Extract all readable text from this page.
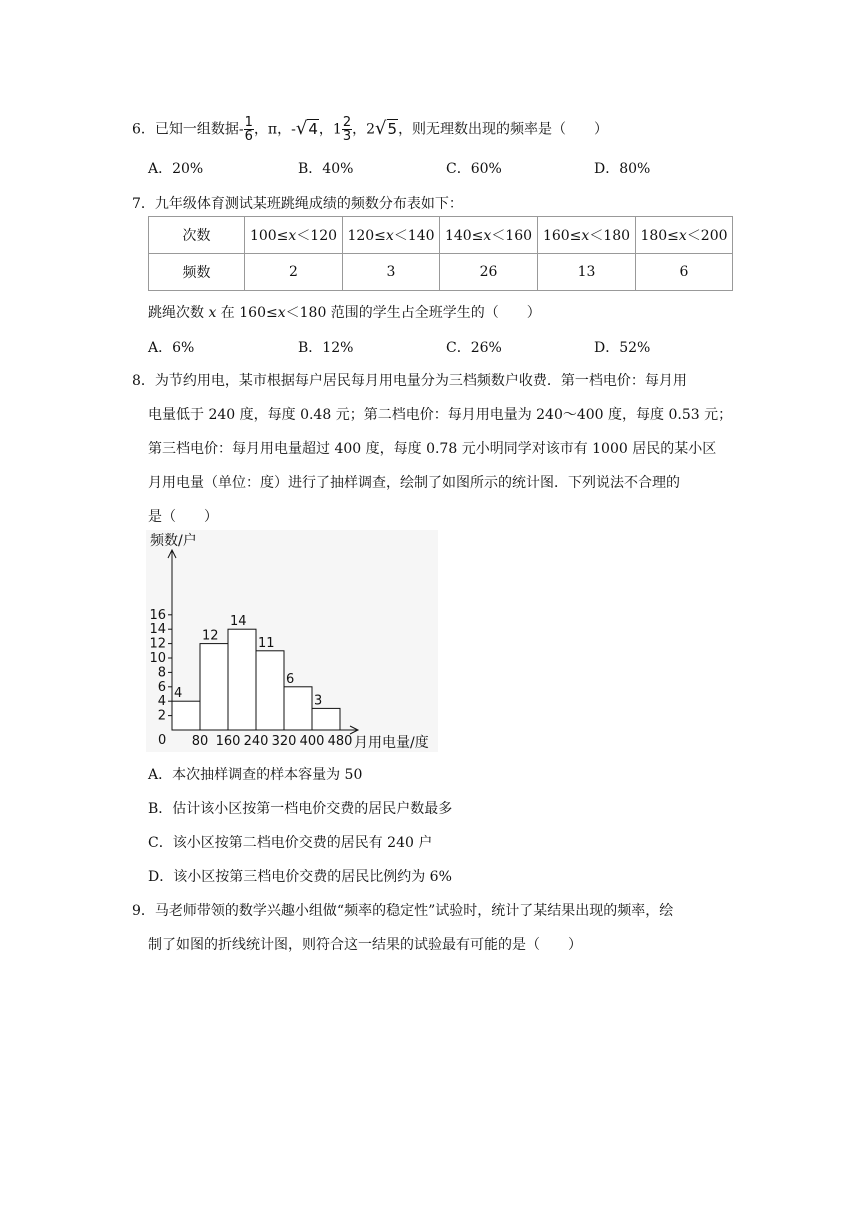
6．已知一组数据- $\frac{1}{6}$ ，π，-√4，$1 \frac{2}{3}$ ，2√5，则无理数出现的频率是（　　）
A．20%	B．40%	C．60%	D．80%
7．九年级体育测试某班跳绳成绩的频数分布表如下：
次数	100≤x＜120	120≤x＜140	140≤x＜160	160≤x＜180	180≤x＜200
频数	2	3	26	13	6
跳绳次数 x 在 160≤x＜180 范围的学生占全班学生的（　　）
A．6%	B．12%	C．26%	D．52%
8．为节约用电，某市根据每户居民每月用电量分为三档频数户收费．第一档电价：每月用
电量低于 240 度，每度 0.48 元；第二档电价：每月用电量为 240～400 度，每度 0.53 元；
第三档电价：每月用电量超过 400 度，每度 0.78 元小明同学对该市有 1000 居民的某小区
月用电量（单位：度）进行了抽样调查，绘制了如图所示的统计图．下列说法不合理的
是（　　）
频数/户
月用电量/度
0
4
12
14
11
6
3
2
4
6
8
10
12
14
16
80 160 240 320 400 480
A．本次抽样调查的样本容量为 50
B．估计该小区按第一档电价交费的居民户数最多
C．该小区按第二档电价交费的居民有 240 户
D．该小区按第三档电价交费的居民比例约为 6%
9．马老师带领的数学兴趣小组做“频率的稳定性”试验时，统计了某结果出现的频率，绘
制了如图的折线统计图，则符合这一结果的试验最有可能的是（　　）
